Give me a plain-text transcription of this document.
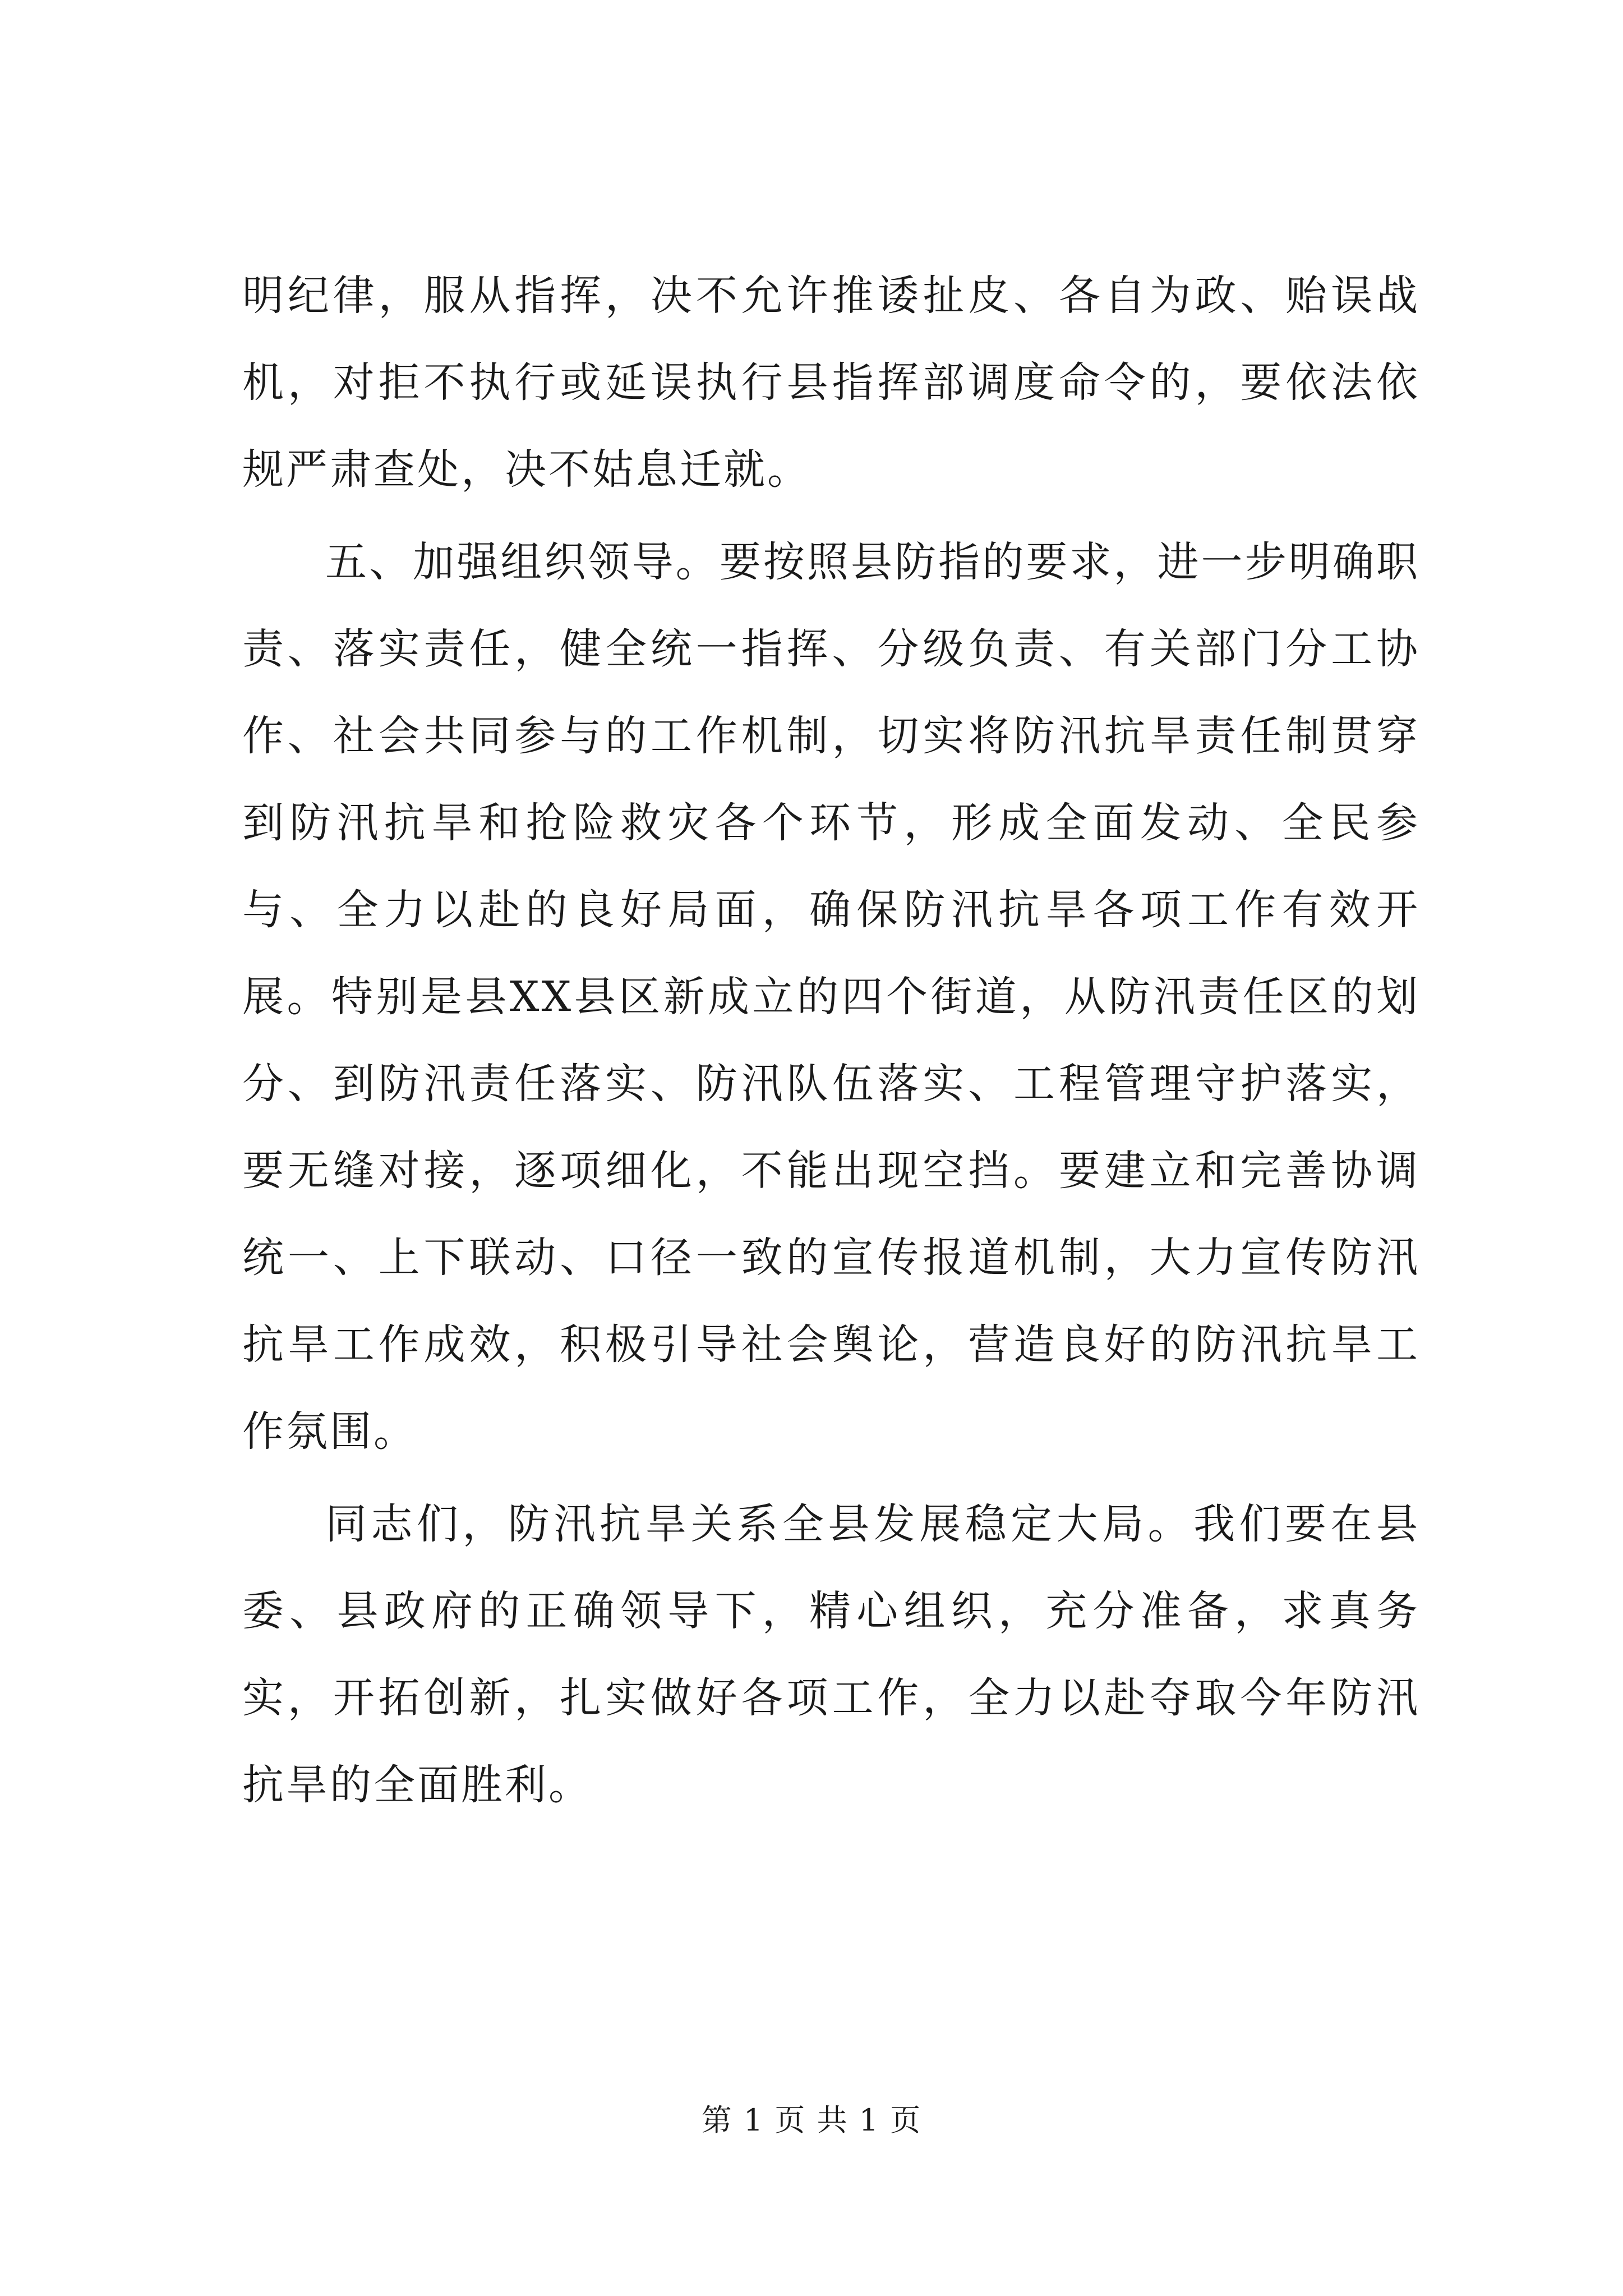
明纪律，服从指挥，决不允许推诿扯皮、各自为政、贻误战机，对拒不执行或延误执行县指挥部调度命令的，要依法依规严肃查处，决不姑息迁就。

五、加强组织领导。要按照县防指的要求，进一步明确职责、落实责任，健全统一指挥、分级负责、有关部门分工协作、社会共同参与的工作机制，切实将防汛抗旱责任制贯穿到防汛抗旱和抢险救灾各个环节，形成全面发动、全民参与、全力以赴的良好局面，确保防汛抗旱各项工作有效开展。特别是县XX县区新成立的四个街道，从防汛责任区的划分、到防汛责任落实、防汛队伍落实、工程管理守护落实，要无缝对接，逐项细化，不能出现空挡。要建立和完善协调统一、上下联动、口径一致的宣传报道机制，大力宣传防汛抗旱工作成效，积极引导社会舆论，营造良好的防汛抗旱工作氛围。

同志们，防汛抗旱关系全县发展稳定大局。我们要在县委、县政府的正确领导下，精心组织，充分准备，求真务实，开拓创新，扎实做好各项工作，全力以赴夺取今年防汛抗旱的全面胜利。

第 1 页 共 1 页
